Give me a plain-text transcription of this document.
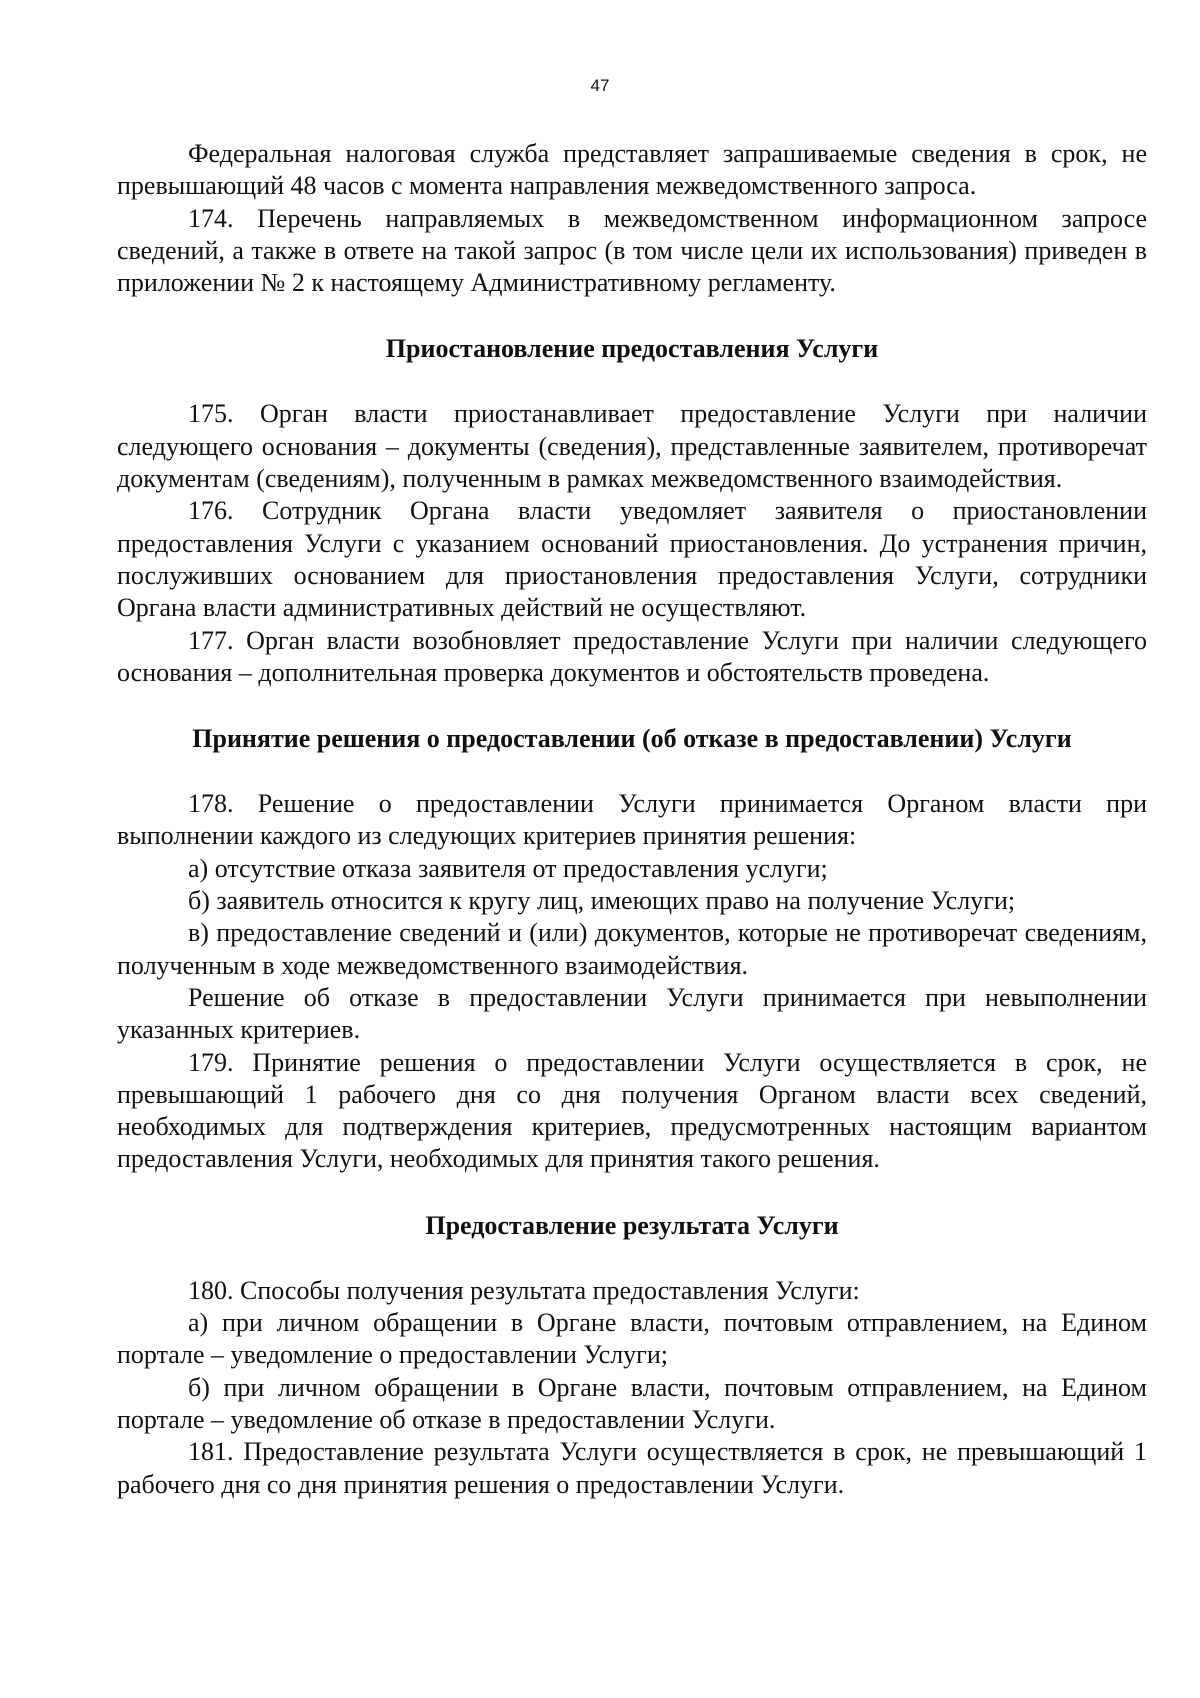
47

Федеральная налоговая служба представляет запрашиваемые сведения в срок, не превышающий 48 часов с момента направления межведомственного запроса.

174. Перечень направляемых в межведомственном информационном запросе сведений, а также в ответе на такой запрос (в том числе цели их использования) приведен в приложении № 2 к настоящему Административному регламенту.

Приостановление предоставления Услуги

175. Орган власти приостанавливает предоставление Услуги при наличии следующего основания – документы (сведения), представленные заявителем, противоречат документам (сведениям), полученным в рамках межведомственного взаимодействия.

176. Сотрудник Органа власти уведомляет заявителя о приостановлении предоставления Услуги с указанием оснований приостановления. До устранения причин, послуживших основанием для приостановления предоставления Услуги, сотрудники Органа власти административных действий не осуществляют.

177. Орган власти возобновляет предоставление Услуги при наличии следующего основания – дополнительная проверка документов и обстоятельств проведена.

Принятие решения о предоставлении (об отказе в предоставлении) Услуги

178. Решение о предоставлении Услуги принимается Органом власти при выполнении каждого из следующих критериев принятия решения:

а) отсутствие отказа заявителя от предоставления услуги;

б) заявитель относится к кругу лиц, имеющих право на получение Услуги;

в) предоставление сведений и (или) документов, которые не противоречат сведениям, полученным в ходе межведомственного взаимодействия.

Решение об отказе в предоставлении Услуги принимается при невыполнении указанных критериев.

179. Принятие решения о предоставлении Услуги осуществляется в срок, не превышающий 1 рабочего дня со дня получения Органом власти всех сведений, необходимых для подтверждения критериев, предусмотренных настоящим вариантом предоставления Услуги, необходимых для принятия такого решения.

Предоставление результата Услуги

180. Способы получения результата предоставления Услуги:

а) при личном обращении в Органе власти, почтовым отправлением, на Едином портале – уведомление о предоставлении Услуги;

б) при личном обращении в Органе власти, почтовым отправлением, на Едином портале – уведомление об отказе в предоставлении Услуги.

181. Предоставление результата Услуги осуществляется в срок, не превышающий 1 рабочего дня со дня принятия решения о предоставлении Услуги.
